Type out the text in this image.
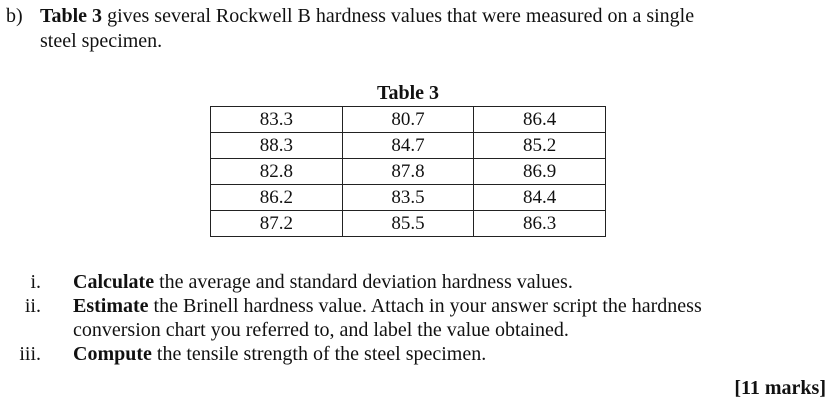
b) Table 3 gives several Rockwell B hardness values that were measured on a single
steel specimen.
Table 3
83.3	80.7	86.4
88.3	84.7	85.2
82.8	87.8	86.9
86.2	83.5	84.4
87.2	85.5	86.3
i.	Calculate the average and standard deviation hardness values.
ii.	Estimate the Brinell hardness value. Attach in your answer script the hardness
conversion chart you referred to, and label the value obtained.
iii.	Compute the tensile strength of the steel specimen.
[11 marks]
